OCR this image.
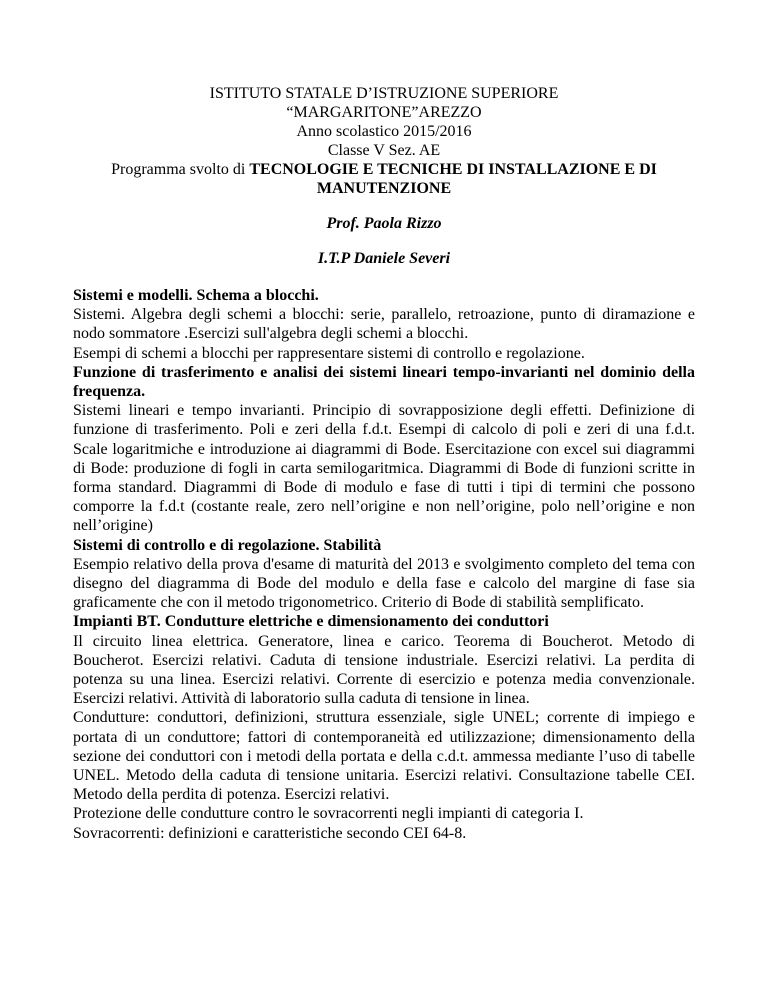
ISTITUTO STATALE D’ISTRUZIONE SUPERIORE
“MARGARITONE”AREZZO
Anno scolastico 2015/2016
Classe V Sez. AE
Programma svolto di TECNOLOGIE E TECNICHE DI INSTALLAZIONE E DI MANUTENZIONE
Prof. Paola Rizzo
I.T.P Daniele Severi
Sistemi e modelli. Schema a blocchi.

Sistemi. Algebra degli schemi a blocchi: serie, parallelo, retroazione, punto di diramazione e nodo sommatore .Esercizi sull'algebra degli schemi a blocchi.

Esempi di schemi a blocchi per rappresentare sistemi di controllo e regolazione.

Funzione di trasferimento e analisi dei sistemi lineari tempo-invarianti nel dominio della frequenza.

Sistemi lineari e tempo invarianti. Principio di sovrapposizione degli effetti. Definizione di funzione di trasferimento. Poli e zeri della f.d.t. Esempi di calcolo di poli e zeri di una f.d.t. Scale logaritmiche e introduzione ai diagrammi di Bode. Esercitazione con excel sui diagrammi di Bode: produzione di fogli in carta semilogaritmica. Diagrammi di Bode di funzioni scritte in forma standard. Diagrammi di Bode di modulo e fase di tutti i tipi di termini che possono comporre la f.d.t (costante reale, zero nell’origine e non nell’origine, polo nell’origine e non nell’origine)

Sistemi di controllo e di regolazione. Stabilità

Esempio relativo della prova d'esame di maturità del 2013 e svolgimento completo del tema con disegno del diagramma di Bode del modulo e della fase e calcolo del margine di fase sia graficamente che con il metodo trigonometrico. Criterio di Bode di stabilità semplificato.

Impianti BT. Condutture elettriche e dimensionamento dei conduttori

Il circuito linea elettrica. Generatore, linea e carico. Teorema di Boucherot. Metodo di Boucherot. Esercizi relativi. Caduta di tensione industriale. Esercizi relativi. La perdita di potenza su una linea. Esercizi relativi. Corrente di esercizio e potenza media convenzionale. Esercizi relativi. Attività di laboratorio sulla caduta di tensione in linea.

Condutture: conduttori, definizioni, struttura essenziale, sigle UNEL; corrente di impiego e portata di un conduttore; fattori di contemporaneità ed utilizzazione; dimensionamento della sezione dei conduttori con i metodi della portata e della c.d.t. ammessa mediante l’uso di tabelle UNEL. Metodo della caduta di tensione unitaria. Esercizi relativi. Consultazione tabelle CEI. Metodo della perdita di potenza. Esercizi relativi.

Protezione delle condutture contro le sovracorrenti negli impianti di categoria I.

Sovracorrenti: definizioni e caratteristiche secondo CEI 64-8.
